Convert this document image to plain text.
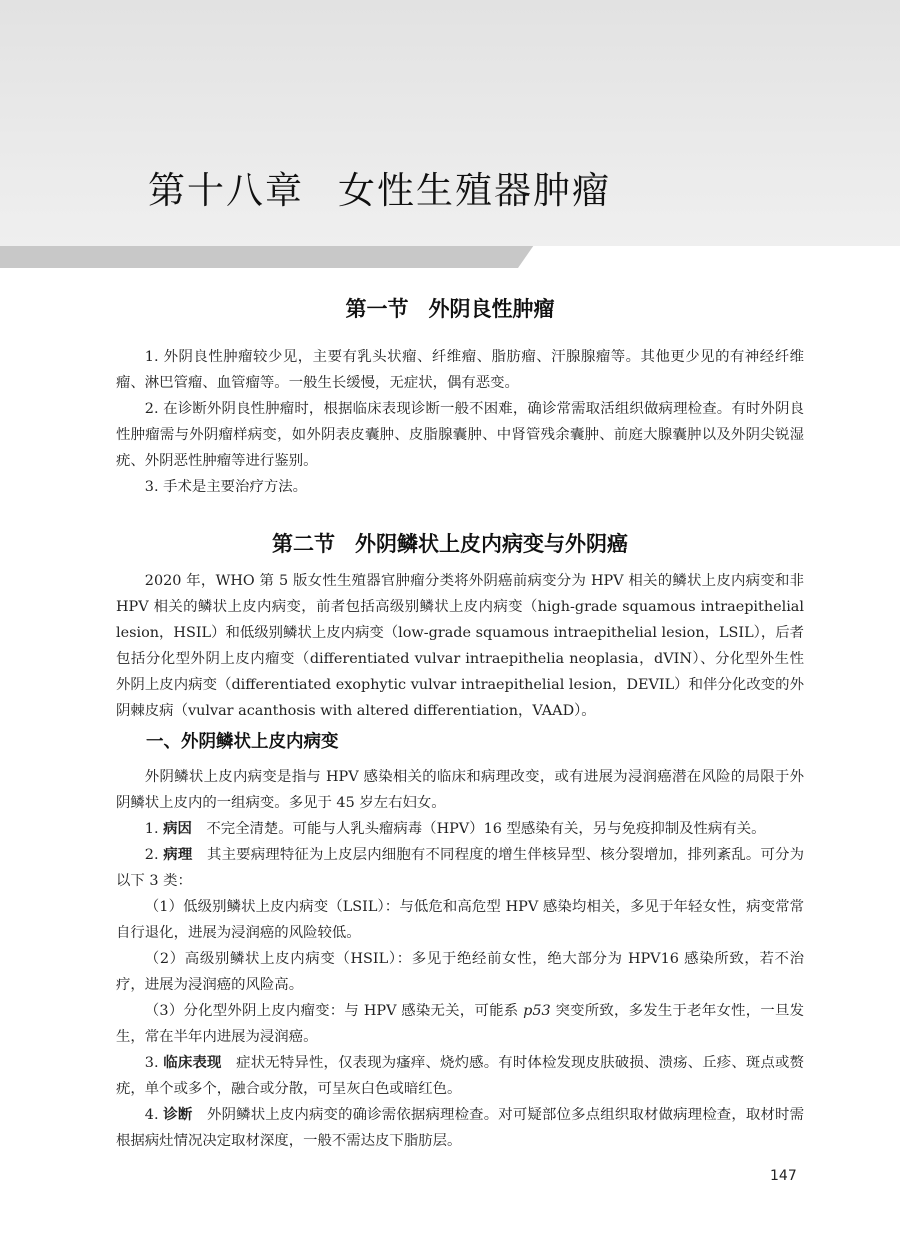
第十八章 女性生殖器肿瘤
第一节 外阴良性肿瘤

1. 外阴良性肿瘤较少见，主要有乳头状瘤、纤维瘤、脂肪瘤、汗腺腺瘤等。其他更少见的有神经纤维瘤、淋巴管瘤、血管瘤等。一般生长缓慢，无症状，偶有恶变。

2. 在诊断外阴良性肿瘤时，根据临床表现诊断一般不困难，确诊常需取活组织做病理检查。有时外阴良性肿瘤需与外阴瘤样病变，如外阴表皮囊肿、皮脂腺囊肿、中肾管残余囊肿、前庭大腺囊肿以及外阴尖锐湿疣、外阴恶性肿瘤等进行鉴别。

3. 手术是主要治疗方法。

第二节 外阴鳞状上皮内病变与外阴癌

2020 年，WHO 第 5 版女性生殖器官肿瘤分类将外阴癌前病变分为 HPV 相关的鳞状上皮内病变和非 HPV 相关的鳞状上皮内病变，前者包括高级别鳞状上皮内病变（high-grade squamous intraepithelial lesion，HSIL）和低级别鳞状上皮内病变（low-grade squamous intraepithelial lesion，LSIL），后者包括分化型外阴上皮内瘤变（differentiated vulvar intraepithelia neoplasia，dVIN）、分化型外生性外阴上皮内病变（differentiated exophytic vulvar intraepithelial lesion，DEVIL）和伴分化改变的外阴棘皮病（vulvar acanthosis with altered differentiation，VAAD）。

一、外阴鳞状上皮内病变

外阴鳞状上皮内病变是指与 HPV 感染相关的临床和病理改变，或有进展为浸润癌潜在风险的局限于外阴鳞状上皮内的一组病变。多见于 45 岁左右妇女。

1. 病因　 不完全清楚。可能与人乳头瘤病毒（HPV）16 型感染有关，另与免疫抑制及性病有关。

2. 病理　 其主要病理特征为上皮层内细胞有不同程度的增生伴核异型、核分裂增加，排列紊乱。可分为以下 3 类：

（1）低级别鳞状上皮内病变（LSIL）：与低危和高危型 HPV 感染均相关，多见于年轻女性，病变常常自行退化，进展为浸润癌的风险较低。

（2）高级别鳞状上皮内病变（HSIL）：多见于绝经前女性，绝大部分为 HPV16 感染所致，若不治疗，进展为浸润癌的风险高。

（3）分化型外阴上皮内瘤变：与 HPV 感染无关，可能系 p53 突变所致，多发生于老年女性，一旦发生，常在半年内进展为浸润癌。

3. 临床表现　 症状无特异性，仅表现为瘙痒、烧灼感。有时体检发现皮肤破损、溃疡、丘疹、斑点或赘疣，单个或多个，融合或分散，可呈灰白色或暗红色。

4. 诊断　 外阴鳞状上皮内病变的确诊需依据病理检查。对可疑部位多点组织取材做病理检查，取材时需根据病灶情况决定取材深度，一般不需达皮下脂肪层。

147
